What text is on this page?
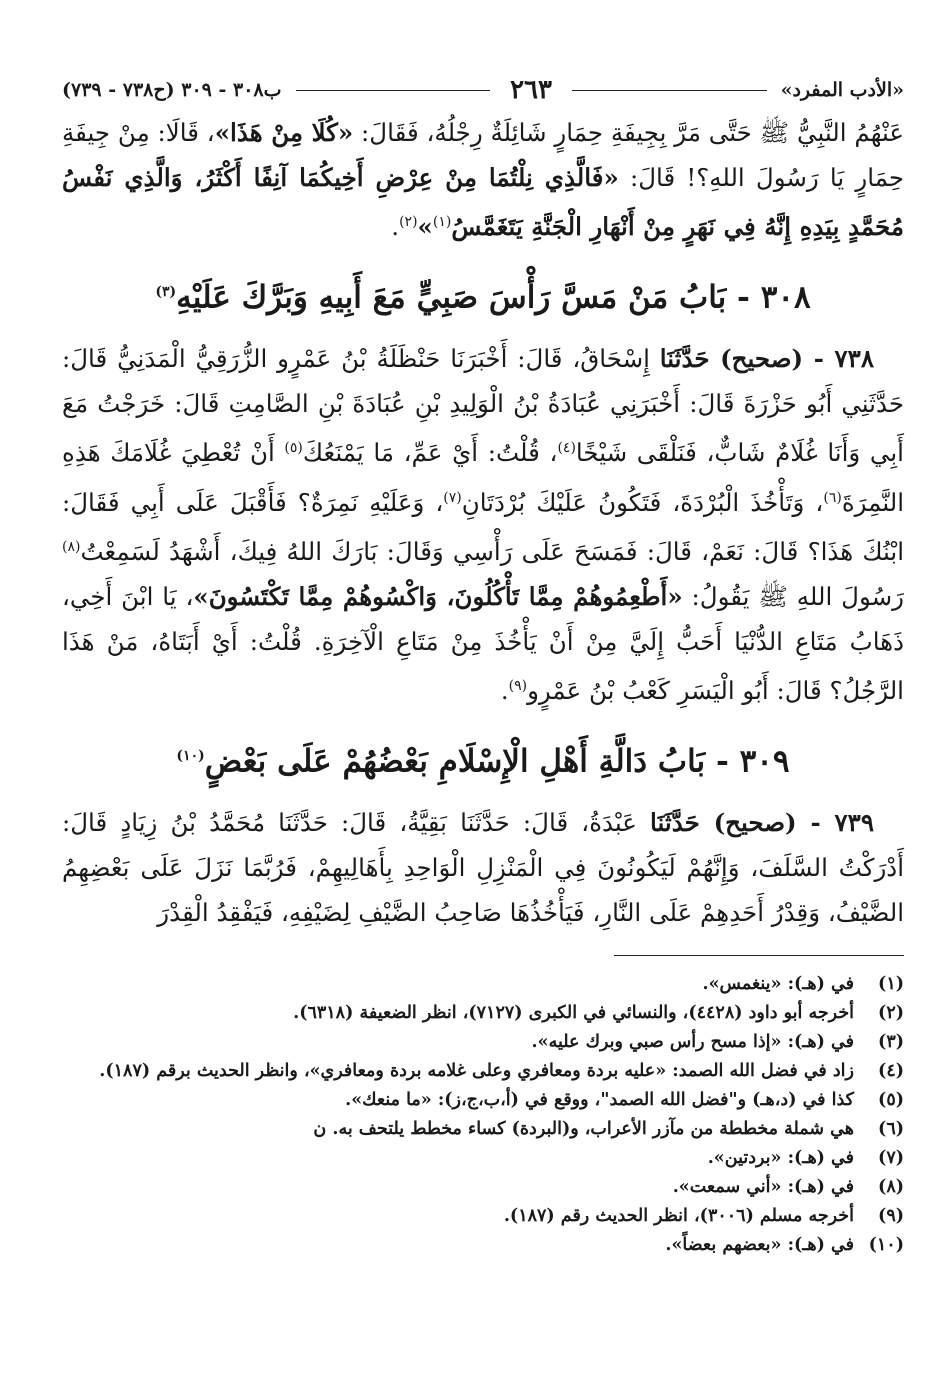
«الأدب المفرد»
٢٦٣
ب٣٠٨ - ٣٠٩ (ح٧٣٨ - ٧٣٩)

عَنْهُمُ النَّبِيُّ ﷺ حَتَّى مَرَّ بِجِيفَةِ حِمَارٍ شَائِلَةٌ رِجْلُهُ، فَقَالَ: «كُلَا مِنْ هَذَا»، قَالَا: مِنْ جِيفَةِ حِمَارٍ يَا رَسُولَ اللهِ؟! قَالَ: «فَالَّذِي نِلْتُمَا مِنْ عِرْضِ أَخِيكُمَا آنِفًا أَكْثَرُ، وَالَّذِي نَفْسُ مُحَمَّدٍ بِيَدِهِ إِنَّهُ فِي نَهَرٍ مِنْ أَنْهَارِ الْجَنَّةِ يَتَغَمَّسُ$^{(١)}$»$^{(٢)}$.

٣٠٨ - بَابُ مَنْ مَسَّ رَأْسَ صَبِيٍّ مَعَ أَبِيهِ وَبَرَّكَ عَلَيْهِ$^{(٣)}$

٧٣٨ - (صحيح) حَدَّثَنَا إِسْحَاقُ، قَالَ: أَخْبَرَنَا حَنْظَلَةُ بْنُ عَمْرٍو الزُّرَقِيُّ الْمَدَنِيُّ قَالَ: حَدَّثَنِي أَبُو حَزْرَةَ قَالَ: أَخْبَرَنِي عُبَادَةُ بْنُ الْوَلِيدِ بْنِ عُبَادَةَ بْنِ الصَّامِتِ قَالَ: خَرَجْتُ مَعَ أَبِي وَأَنَا غُلَامٌ شَابٌّ، فَنَلْقَى شَيْخًا$^{(٤)}$، قُلْتُ: أَيْ عَمِّ، مَا يَمْنَعُكَ$^{(٥)}$ أَنْ تُعْطِيَ غُلَامَكَ هَذِهِ النَّمِرَةَ$^{(٦)}$، وَتَأْخُذَ الْبُرْدَةَ، فَتَكُونُ عَلَيْكَ بُرْدَتَانِ$^{(٧)}$، وَعَلَيْهِ نَمِرَةٌ؟ فَأَقْبَلَ عَلَى أَبِي فَقَالَ: ابْنُكَ هَذَا؟ قَالَ: نَعَمْ، قَالَ: فَمَسَحَ عَلَى رَأْسِي وَقَالَ: بَارَكَ اللهُ فِيكَ، أَشْهَدُ لَسَمِعْتُ$^{(٨)}$ رَسُولَ اللهِ ﷺ يَقُولُ: «أَطْعِمُوهُمْ مِمَّا تَأْكُلُونَ، وَاكْسُوهُمْ مِمَّا تَكْتَسُونَ»، يَا ابْنَ أَخِي، ذَهَابُ مَتَاعِ الدُّنْيَا أَحَبُّ إِلَيَّ مِنْ أَنْ يَأْخُذَ مِنْ مَتَاعِ الْآخِرَةِ. قُلْتُ: أَيْ أَبَتَاهُ، مَنْ هَذَا الرَّجُلُ؟ قَالَ: أَبُو الْيَسَرِ كَعْبُ بْنُ عَمْرٍو$^{(٩)}$.

٣٠٩ - بَابُ دَالَّةِ أَهْلِ الْإِسْلَامِ بَعْضُهُمْ عَلَى بَعْضٍ$^{(١٠)}$

٧٣٩ - (صحيح) حَدَّثَنَا عَبْدَةُ، قَالَ: حَدَّثَنَا بَقِيَّةُ، قَالَ: حَدَّثَنَا مُحَمَّدُ بْنُ زِيَادٍ قَالَ: أَدْرَكْتُ السَّلَفَ، وَإِنَّهُمْ لَيَكُونُونَ فِي الْمَنْزِلِ الْوَاحِدِ بِأَهَالِيهِمْ، فَرُبَّمَا نَزَلَ عَلَى بَعْضِهِمُ الضَّيْفُ، وَقِدْرُ أَحَدِهِمْ عَلَى النَّارِ، فَيَأْخُذُهَا صَاحِبُ الضَّيْفِ لِضَيْفِهِ، فَيَفْقِدُ الْقِدْرَ

(١)
في (هـ): «ينغمس».
(٢)
أخرجه أبو داود (٤٤٢٨)، والنسائي في الكبرى (٧١٢٧)، انظر الضعيفة (٦٣١٨).
(٣)
في (هـ): «إذا مسح رأس صبي وبرك عليه».
(٤)
زاد في فضل الله الصمد: «عليه بردة ومعافري وعلى غلامه بردة ومعافري»، وانظر الحديث برقم (١٨٧).
(٥)
كذا في (د،هـ) و"فضل الله الصمد"، ووقع في (أ،ب،ج،ز): «ما منعك».
(٦)
هي شملة مخططة من مآزر الأعراب، و(البردة) كساء مخطط يلتحف به. ن
(٧)
في (هـ): «بردتين».
(٨)
في (هـ): «أني سمعت».
(٩)
أخرجه مسلم (٣٠٠٦)، انظر الحديث رقم (١٨٧).
(١٠)
في (هـ): «بعضهم بعضاً».
